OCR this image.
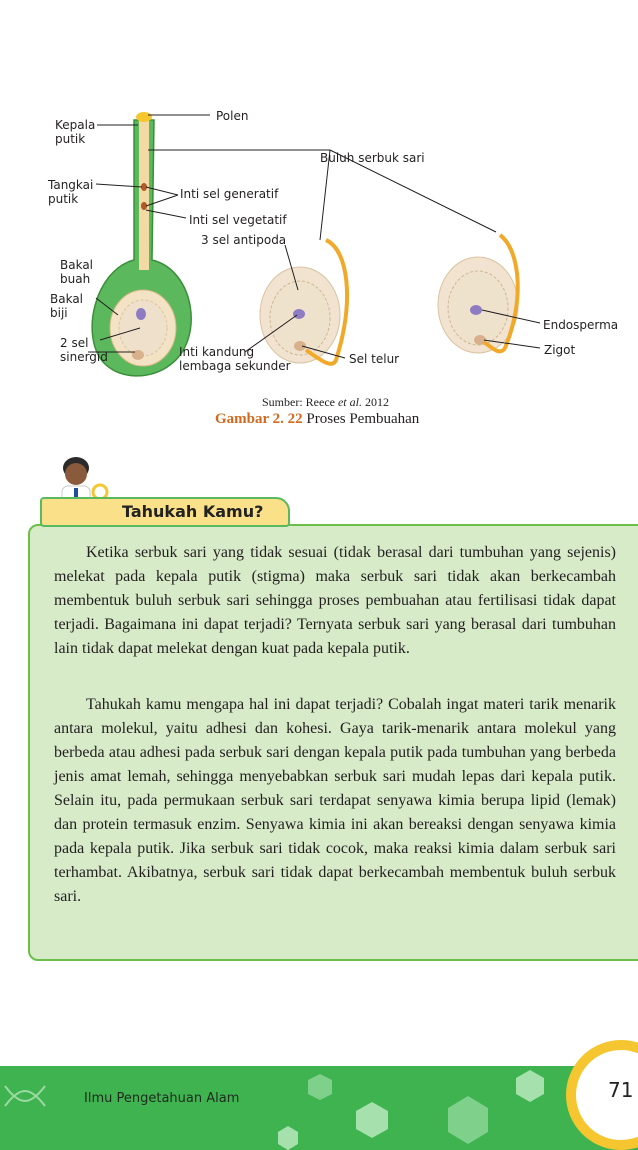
Kepala
putik
Tangkai
putik
Bakal
buah
Bakal
biji
2 sel
sinergid
Polen
Buluh serbuk sari
Inti sel generatif
Inti sel vegetatif
3 sel antipoda
Inti kandung
lembaga sekunder	Sel telur
Endosperma
Zigot
Sumber: Reece et al. 2012
Gambar 2. 22 Proses Pembuahan
Tahukah Kamu?

Ketika serbuk sari yang tidak sesuai (tidak berasal dari tumbuhan yang sejenis) melekat pada kepala putik (stigma) maka serbuk sari tidak akan berkecambah membentuk buluh serbuk sari sehingga proses pembuahan atau fertilisasi tidak dapat terjadi. Bagaimana ini dapat terjadi? Ternyata serbuk sari yang berasal dari tumbuhan lain tidak dapat melekat dengan kuat pada kepala putik.

Tahukah kamu mengapa hal ini dapat terjadi? Cobalah ingat materi tarik menarik antara molekul, yaitu adhesi dan kohesi. Gaya tarik-menarik antara molekul yang berbeda atau adhesi pada serbuk sari dengan kepala putik pada tumbuhan yang berbeda jenis amat lemah, sehingga menyebabkan serbuk sari mudah lepas dari kepala putik. Selain itu, pada permukaan serbuk sari terdapat senyawa kimia berupa lipid (lemak) dan protein termasuk enzim. Senyawa kimia ini akan bereaksi dengan senyawa kimia pada kepala putik. Jika serbuk sari tidak cocok, maka reaksi kimia dalam serbuk sari terhambat. Akibatnya, serbuk sari tidak dapat berkecambah membentuk buluh serbuk sari.

Ilmu Pengetahuan Alam	71
